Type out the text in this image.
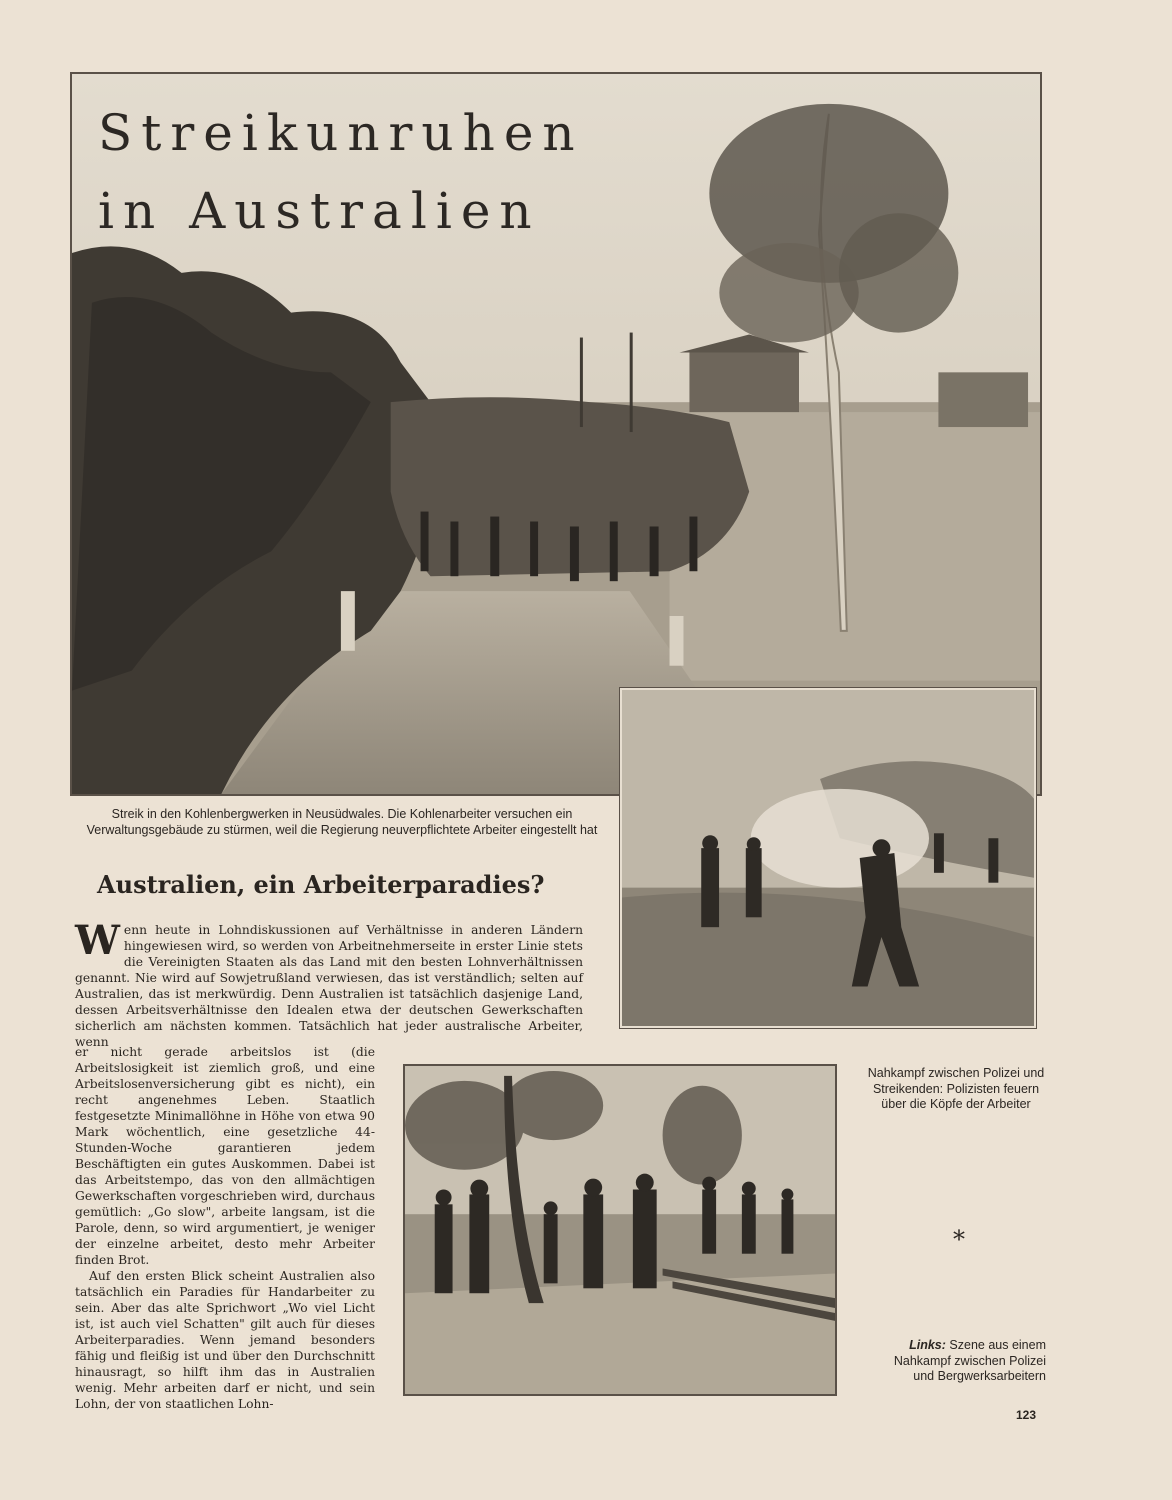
Streikunruhen
in Australien

Streik in den Kohlenbergwerken in Neusüdwales. Die Kohlenarbeiter versuchen ein Verwaltungsgebäude zu stürmen, weil die Regierung neuverpflichtete Arbeiter eingestellt hat

Australien, ein Arbeiterparadies?

Wenn heute in Lohndiskussionen auf Verhältnisse in anderen Ländern hingewiesen wird, so werden von Arbeitnehmerseite in erster Linie stets die Vereinigten Staaten als das Land mit den besten Lohnverhältnissen genannt. Nie wird auf Sowjetrußland verwiesen, das ist verständlich; selten auf Australien, das ist merkwürdig. Denn Australien ist tatsächlich dasjenige Land, dessen Arbeitsverhältnisse den Idealen etwa der deutschen Gewerkschaften sicherlich am nächsten kommen. Tatsächlich hat jeder australische Arbeiter, wenn

er nicht gerade arbeitslos ist (die Arbeitslosigkeit ist ziemlich groß, und eine Arbeitslosenversicherung gibt es nicht), ein recht angenehmes Leben. Staatlich festgesetzte Minimallöhne in Höhe von etwa 90 Mark wöchentlich, eine gesetzliche 44-Stunden-Woche garantieren jedem Beschäftigten ein gutes Auskommen. Dabei ist das Arbeitstempo, das von den allmächtigen Gewerkschaften vorgeschrieben wird, durchaus gemütlich: „Go slow", arbeite langsam, ist die Parole, denn, so wird argumentiert, je weniger der einzelne arbeitet, desto mehr Arbeiter finden Brot.

Auf den ersten Blick scheint Australien also tatsächlich ein Paradies für Handarbeiter zu sein. Aber das alte Sprichwort „Wo viel Licht ist, ist auch viel Schatten" gilt auch für dieses Arbeiterparadies. Wenn jemand besonders fähig und fleißig ist und über den Durchschnitt hinausragt, so hilft ihm das in Australien wenig. Mehr arbeiten darf er nicht, und sein Lohn, der von staatlichen Lohn-

Nahkampf zwischen Polizei und Streikenden: Polizisten feuern über die Köpfe der Arbeiter

⁎

Links: Szene aus einem Nahkampf zwischen Polizei und Bergwerksarbeitern

123
